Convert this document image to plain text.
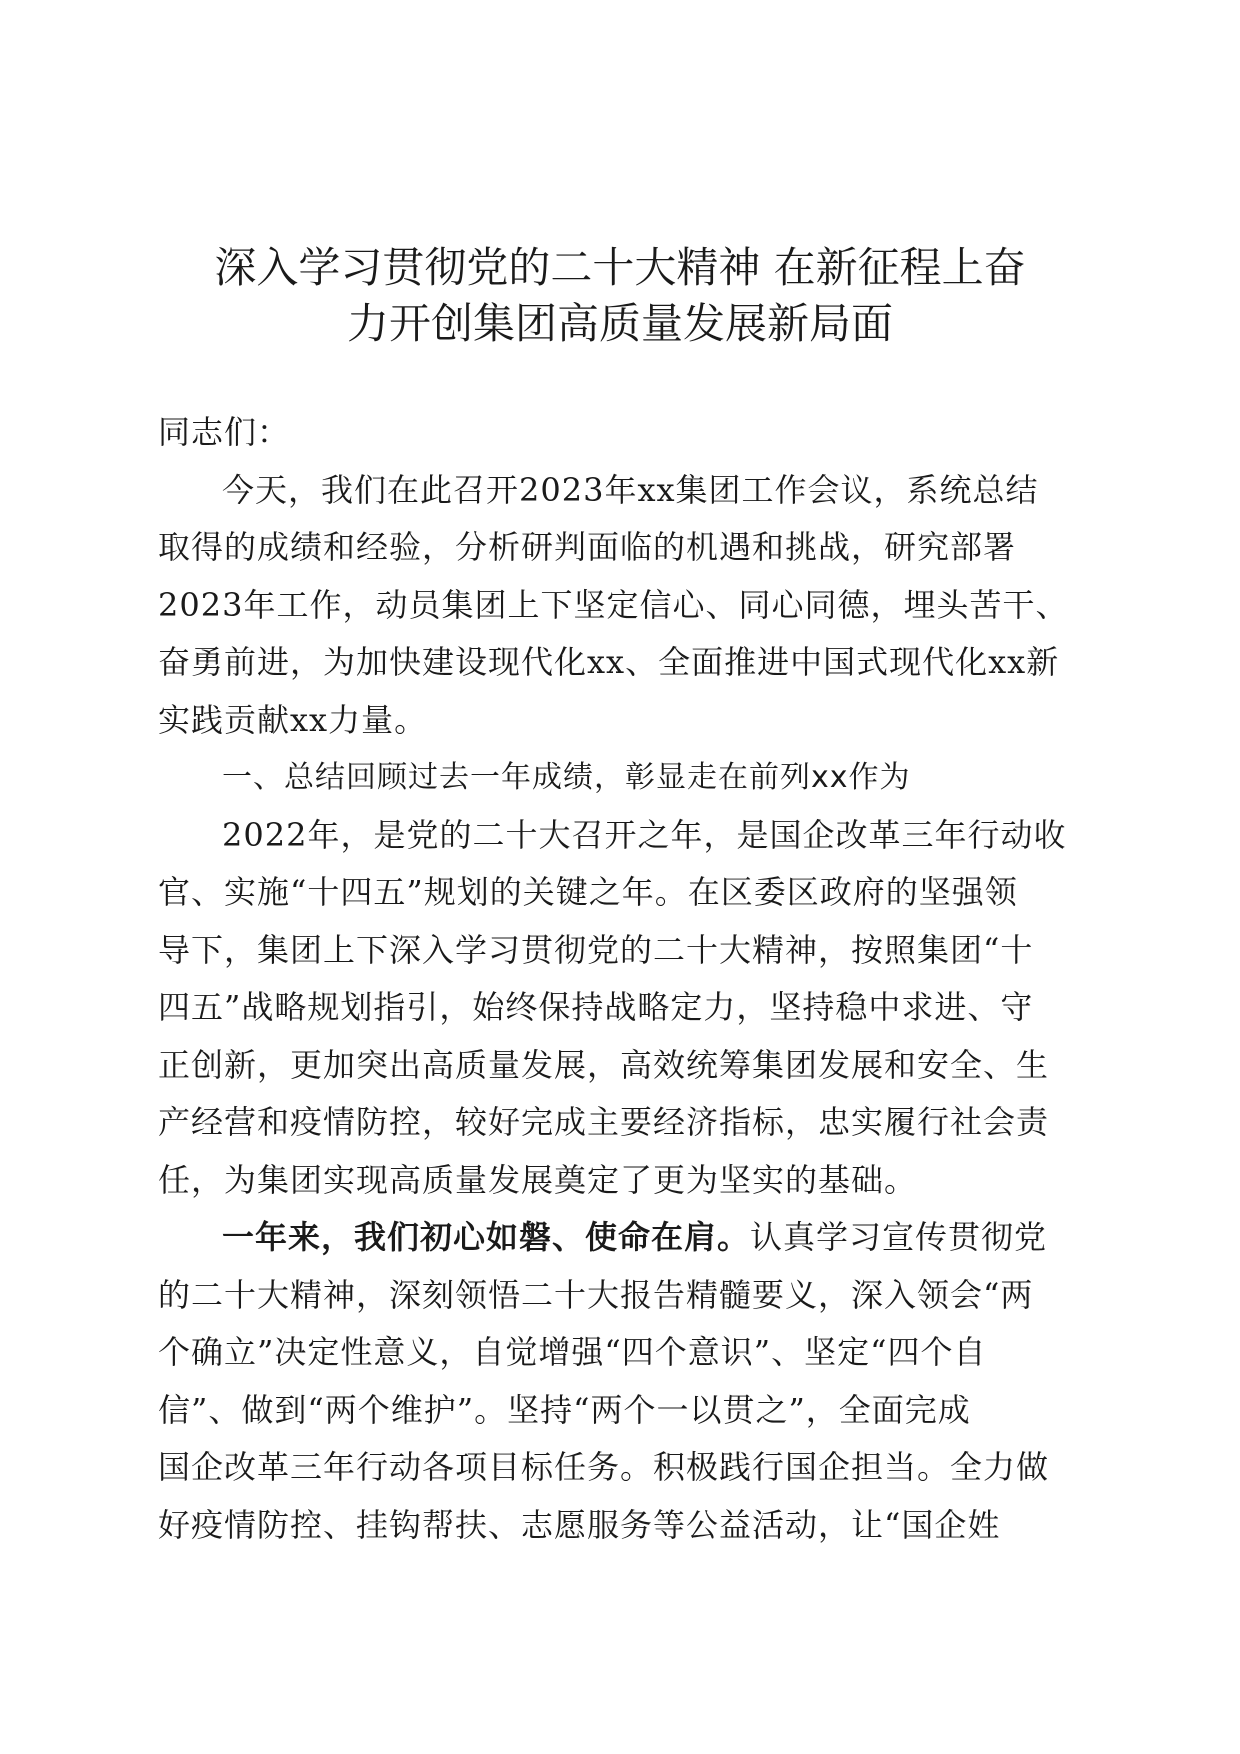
深入学习贯彻党的二十大精神 在新征程上奋
力开创集团高质量发展新局面
同志们：
今天，我们在此召开2023年xx集团工作会议，系统总结
取得的成绩和经验，分析研判面临的机遇和挑战，研究部署
2023年工作，动员集团上下坚定信心、同心同德，埋头苦干、
奋勇前进，为加快建设现代化xx、全面推进中国式现代化xx新
实践贡献xx力量。
一、总结回顾过去一年成绩，彰显走在前列xx作为
2022年，是党的二十大召开之年，是国企改革三年行动收
官、实施“十四五”规划的关键之年。在区委区政府的坚强领
导下，集团上下深入学习贯彻党的二十大精神，按照集团“十
四五”战略规划指引，始终保持战略定力，坚持稳中求进、守
正创新，更加突出高质量发展，高效统筹集团发展和安全、生
产经营和疫情防控，较好完成主要经济指标，忠实履行社会责
任，为集团实现高质量发展奠定了更为坚实的基础。
一年来，我们初心如磐、使命在肩。认真学习宣传贯彻党
的二十大精神，深刻领悟二十大报告精髓要义，深入领会“两
个确立”决定性意义，自觉增强“四个意识”、坚定“四个自
信”、做到“两个维护”。坚持“两个一以贯之”，全面完成
国企改革三年行动各项目标任务。积极践行国企担当。全力做
好疫情防控、挂钩帮扶、志愿服务等公益活动，让“国企姓
